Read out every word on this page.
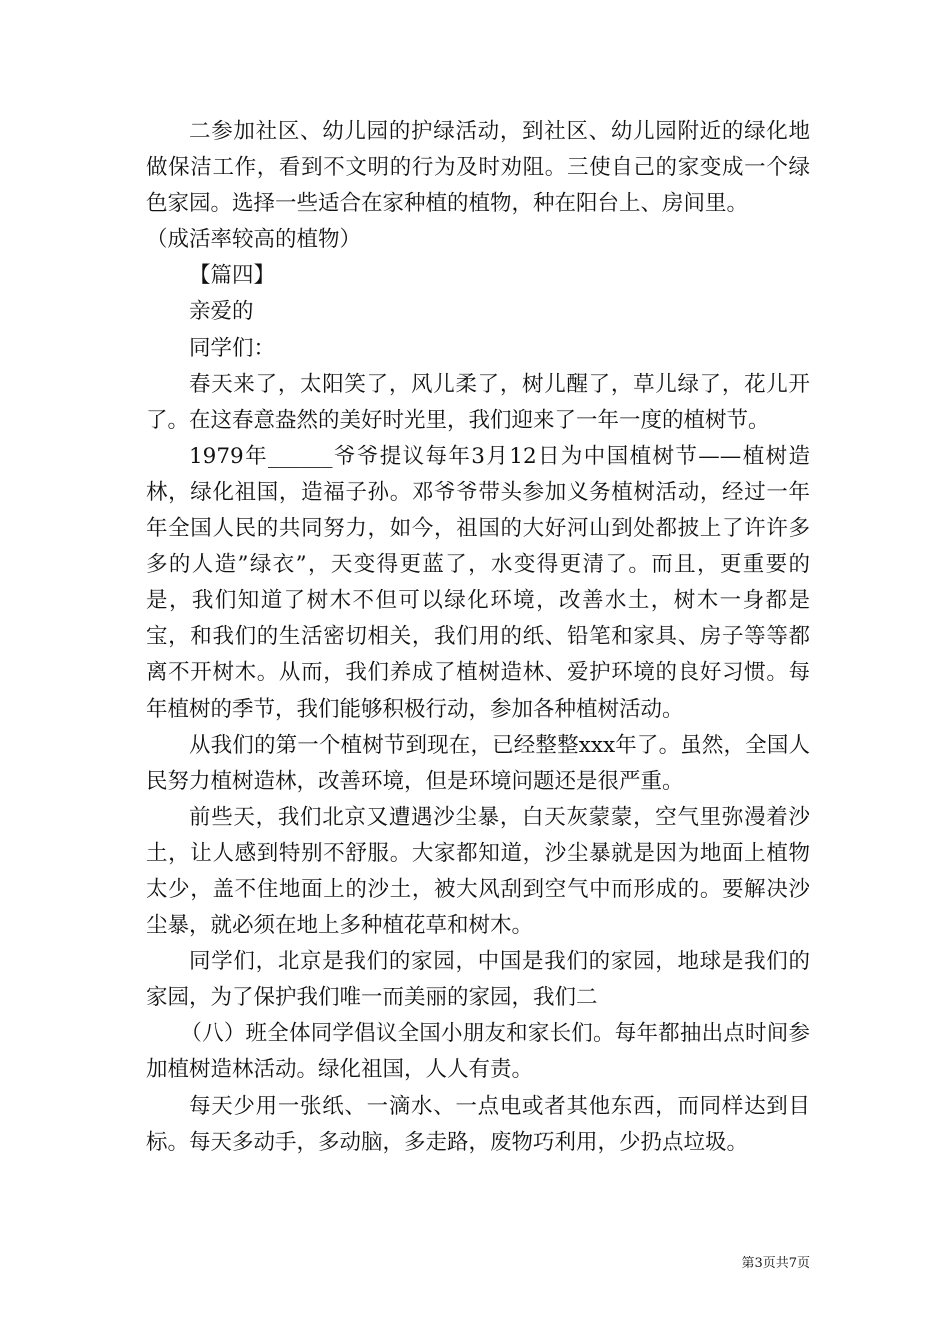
二参加社区、幼儿园的护绿活动，到社区、幼儿园附近的绿化地做保洁工作，看到不文明的行为及时劝阻。三使自己的家变成一个绿色家园。选择一些适合在家种植的植物，种在阳台上、房间里。

（成活率较高的植物）

【篇四】

亲爱的

同学们：

春天来了，太阳笑了，风儿柔了，树儿醒了，草儿绿了，花儿开了。在这春意盎然的美好时光里，我们迎来了一年一度的植树节。

1979年______爷爷提议每年3月12日为中国植树节——植树造林，绿化祖国，造福子孙。邓爷爷带头参加义务植树活动，经过一年年全国人民的共同努力，如今，祖国的大好河山到处都披上了许许多多的人造”绿衣”，天变得更蓝了，水变得更清了。而且，更重要的是，我们知道了树木不但可以绿化环境，改善水土，树木一身都是宝，和我们的生活密切相关，我们用的纸、铅笔和家具、房子等等都离不开树木。从而，我们养成了植树造林、爱护环境的良好习惯。每年植树的季节，我们能够积极行动，参加各种植树活动。

从我们的第一个植树节到现在，已经整整xxx年了。虽然，全国人民努力植树造林，改善环境，但是环境问题还是很严重。

前些天，我们北京又遭遇沙尘暴，白天灰蒙蒙，空气里弥漫着沙土，让人感到特别不舒服。大家都知道，沙尘暴就是因为地面上植物太少，盖不住地面上的沙土，被大风刮到空气中而形成的。要解决沙尘暴，就必须在地上多种植花草和树木。

同学们，北京是我们的家园，中国是我们的家园，地球是我们的家园，为了保护我们唯一而美丽的家园，我们二

（八）班全体同学倡议全国小朋友和家长们。每年都抽出点时间参加植树造林活动。绿化祖国，人人有责。

每天少用一张纸、一滴水、一点电或者其他东西，而同样达到目标。每天多动手，多动脑，多走路，废物巧利用，少扔点垃圾。

第3页共7页
